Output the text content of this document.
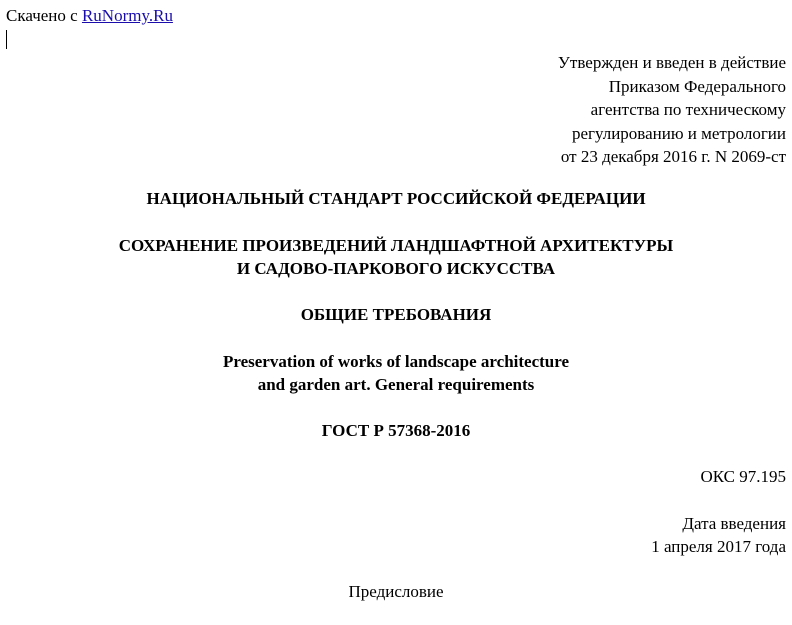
Скачено с RuNormy.Ru
Утвержден и введен в действие
Приказом Федерального
агентства по техническому
регулированию и метрологии
от 23 декабря 2016 г. N 2069-ст
НАЦИОНАЛЬНЫЙ СТАНДАРТ РОССИЙСКОЙ ФЕДЕРАЦИИ
СОХРАНЕНИЕ ПРОИЗВЕДЕНИЙ ЛАНДШАФТНОЙ АРХИТЕКТУРЫ
И САДОВО-ПАРКОВОГО ИСКУССТВА
ОБЩИЕ ТРЕБОВАНИЯ
Preservation of works of landscape architecture
and garden art. General requirements
ГОСТ Р 57368-2016
ОКС 97.195
Дата введения
1 апреля 2017 года
Предисловие
